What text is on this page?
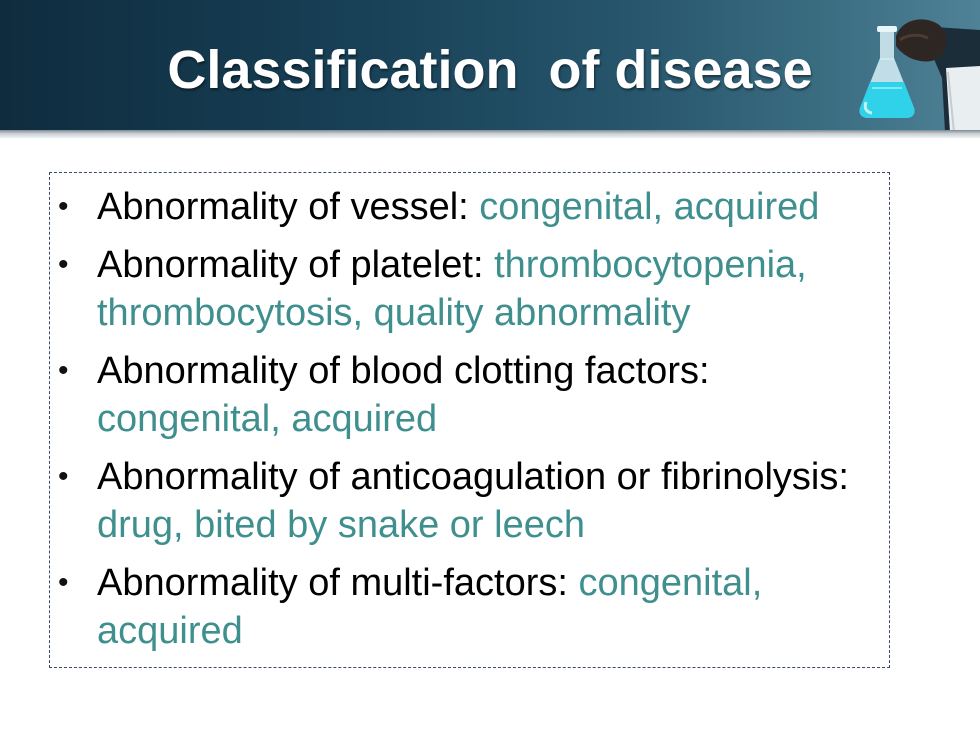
Classification  of disease
• Abnormality of vessel: congenital, acquired
• Abnormality of platelet: thrombocytopenia, thrombocytosis, quality abnormality
• Abnormality of blood clotting factors: congenital, acquired
• Abnormality of anticoagulation or fibrinolysis: drug, bited by snake or leech
• Abnormality of multi-factors: congenital, acquired
